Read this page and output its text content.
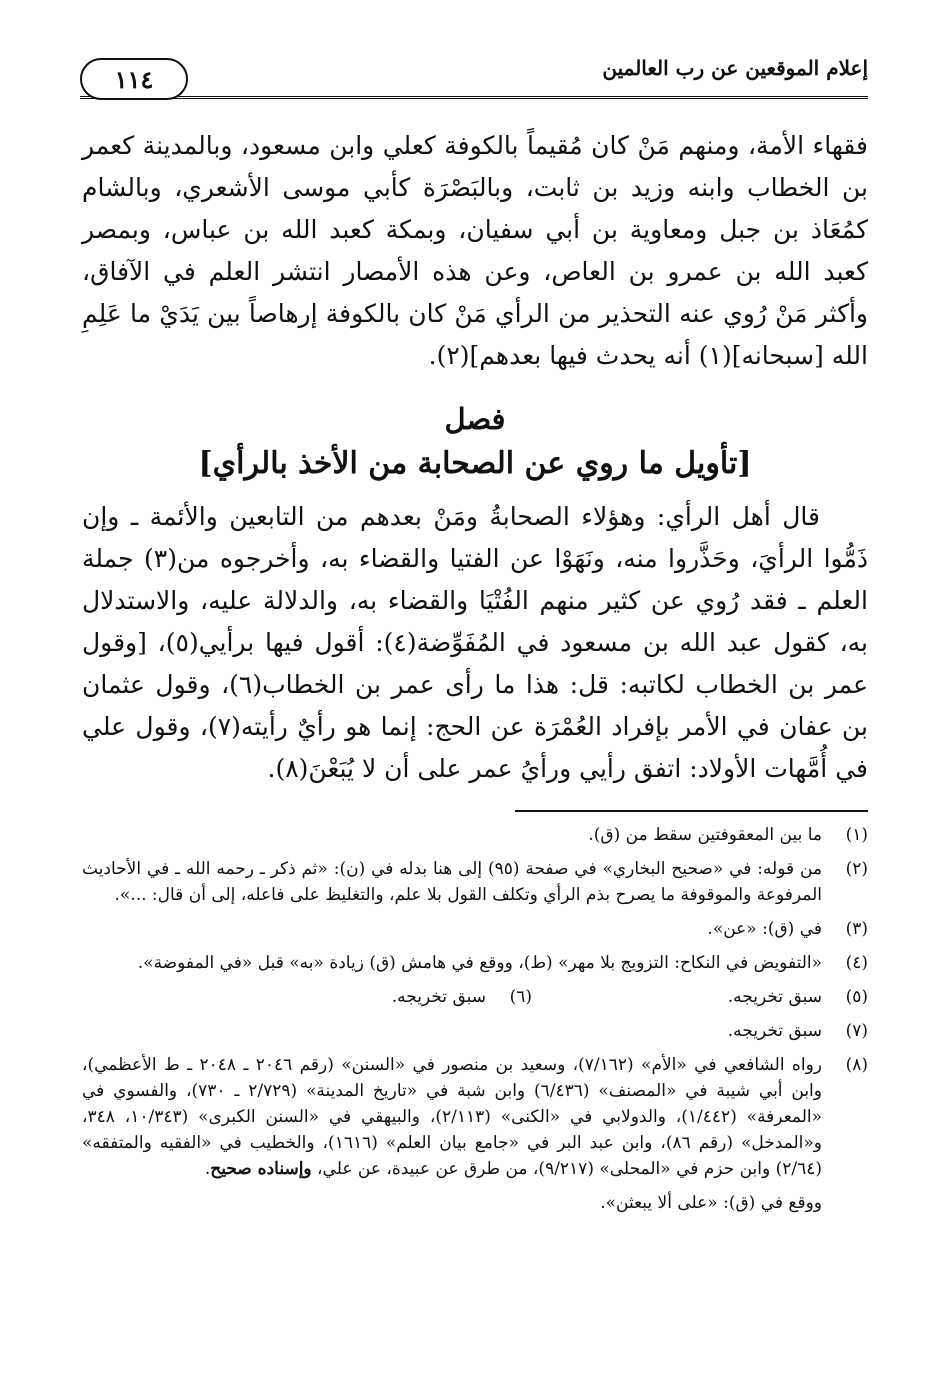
١١٤	إعلام الموقعين عن رب العالمين

فقهاء الأمة، ومنهم مَنْ كان مُقيماً بالكوفة كعلي وابن مسعود، وبالمدينة كعمر بن الخطاب وابنه وزيد بن ثابت، وبالبَصْرَة كأبي موسى الأشعري، وبالشام كمُعَاذ بن جبل ومعاوية بن أبي سفيان، وبمكة كعبد الله بن عباس، وبمصر كعبد الله بن عمرو بن العاص، وعن هذه الأمصار انتشر العلم في الآفاق، وأكثر مَنْ رُوي عنه التحذير من الرأي مَنْ كان بالكوفة إرهاصاً بين يَدَيْ ما عَلِمِ الله [سبحانه](١) أنه يحدث فيها بعدهم](٢).

فصل
[تأويل ما روي عن الصحابة من الأخذ بالرأي]

قال أهل الرأي: وهؤلاء الصحابةُ ومَنْ بعدهم من التابعين والأئمة ـ وإن ذَمُّوا الرأيَ، وحَذَّروا منه، ونَهَوْا عن الفتيا والقضاء به، وأخرجوه من(٣) جملة العلم ـ فقد رُوي عن كثير منهم الفُتْيَا والقضاء به، والدلالة عليه، والاستدلال به، كقول عبد الله بن مسعود في المُفَوِّضة(٤): أقول فيها برأيي(٥)، [وقول عمر بن الخطاب لكاتبه: قل: هذا ما رأى عمر بن الخطاب(٦)، وقول عثمان بن عفان في الأمر بإفراد العُمْرَة عن الحج: إنما هو رأيٌ رأيته(٧)، وقول علي في أُمَّهات الأولاد: اتفق رأيي ورأيُ عمر على أن لا يُبَعْنَ(٨).

(١)
ما بين المعقوفتين سقط من (ق).
(٢)
من قوله: في «صحيح البخاري» في صفحة (٩٥) إلى هنا بدله في (ن): «ثم ذكر ـ رحمه الله ـ في الأحاديث المرفوعة والموقوفة ما يصرح بذم الرأي وتكلف القول بلا علم، والتغليظ على فاعله، إلى أن قال: ...».
(٣)
في (ق): «عن».
(٤)
«التفويض في النكاح: التزويج بلا مهر» (ط)، ووقع في هامش (ق) زيادة «به» قبل «في المفوضة».
(٥)
سبق تخريجه.
(٦)
سبق تخريجه.
(٧)
سبق تخريجه.
(٨)
رواه الشافعي في «الأم» (٧/١٦٢)، وسعيد بن منصور في «السنن» (رقم ٢٠٤٦ ـ ٢٠٤٨ ـ ط الأعظمي)، وابن أبي شيبة في «المصنف» (٦/٤٣٦) وابن شبة في «تاريخ المدينة» (٢/٧٢٩ ـ ٧٣٠)، والفسوي في «المعرفة» (١/٤٤٢)، والدولابي في «الكنى» (٢/١١٣)، والبيهقي في «السنن الكبرى» (١٠/٣٤٣، ٣٤٨، و«المدخل» (رقم ٨٦)، وابن عبد البر في «جامع بيان العلم» (١٦١٦)، والخطيب في «الفقيه والمتفقه» (٢/٦٤) وابن حزم في «المحلى» (٩/٢١٧)، من طرق عن عبيدة، عن علي، وإسناده صحيح.
ووقع في (ق): «على ألا يبعثن».
